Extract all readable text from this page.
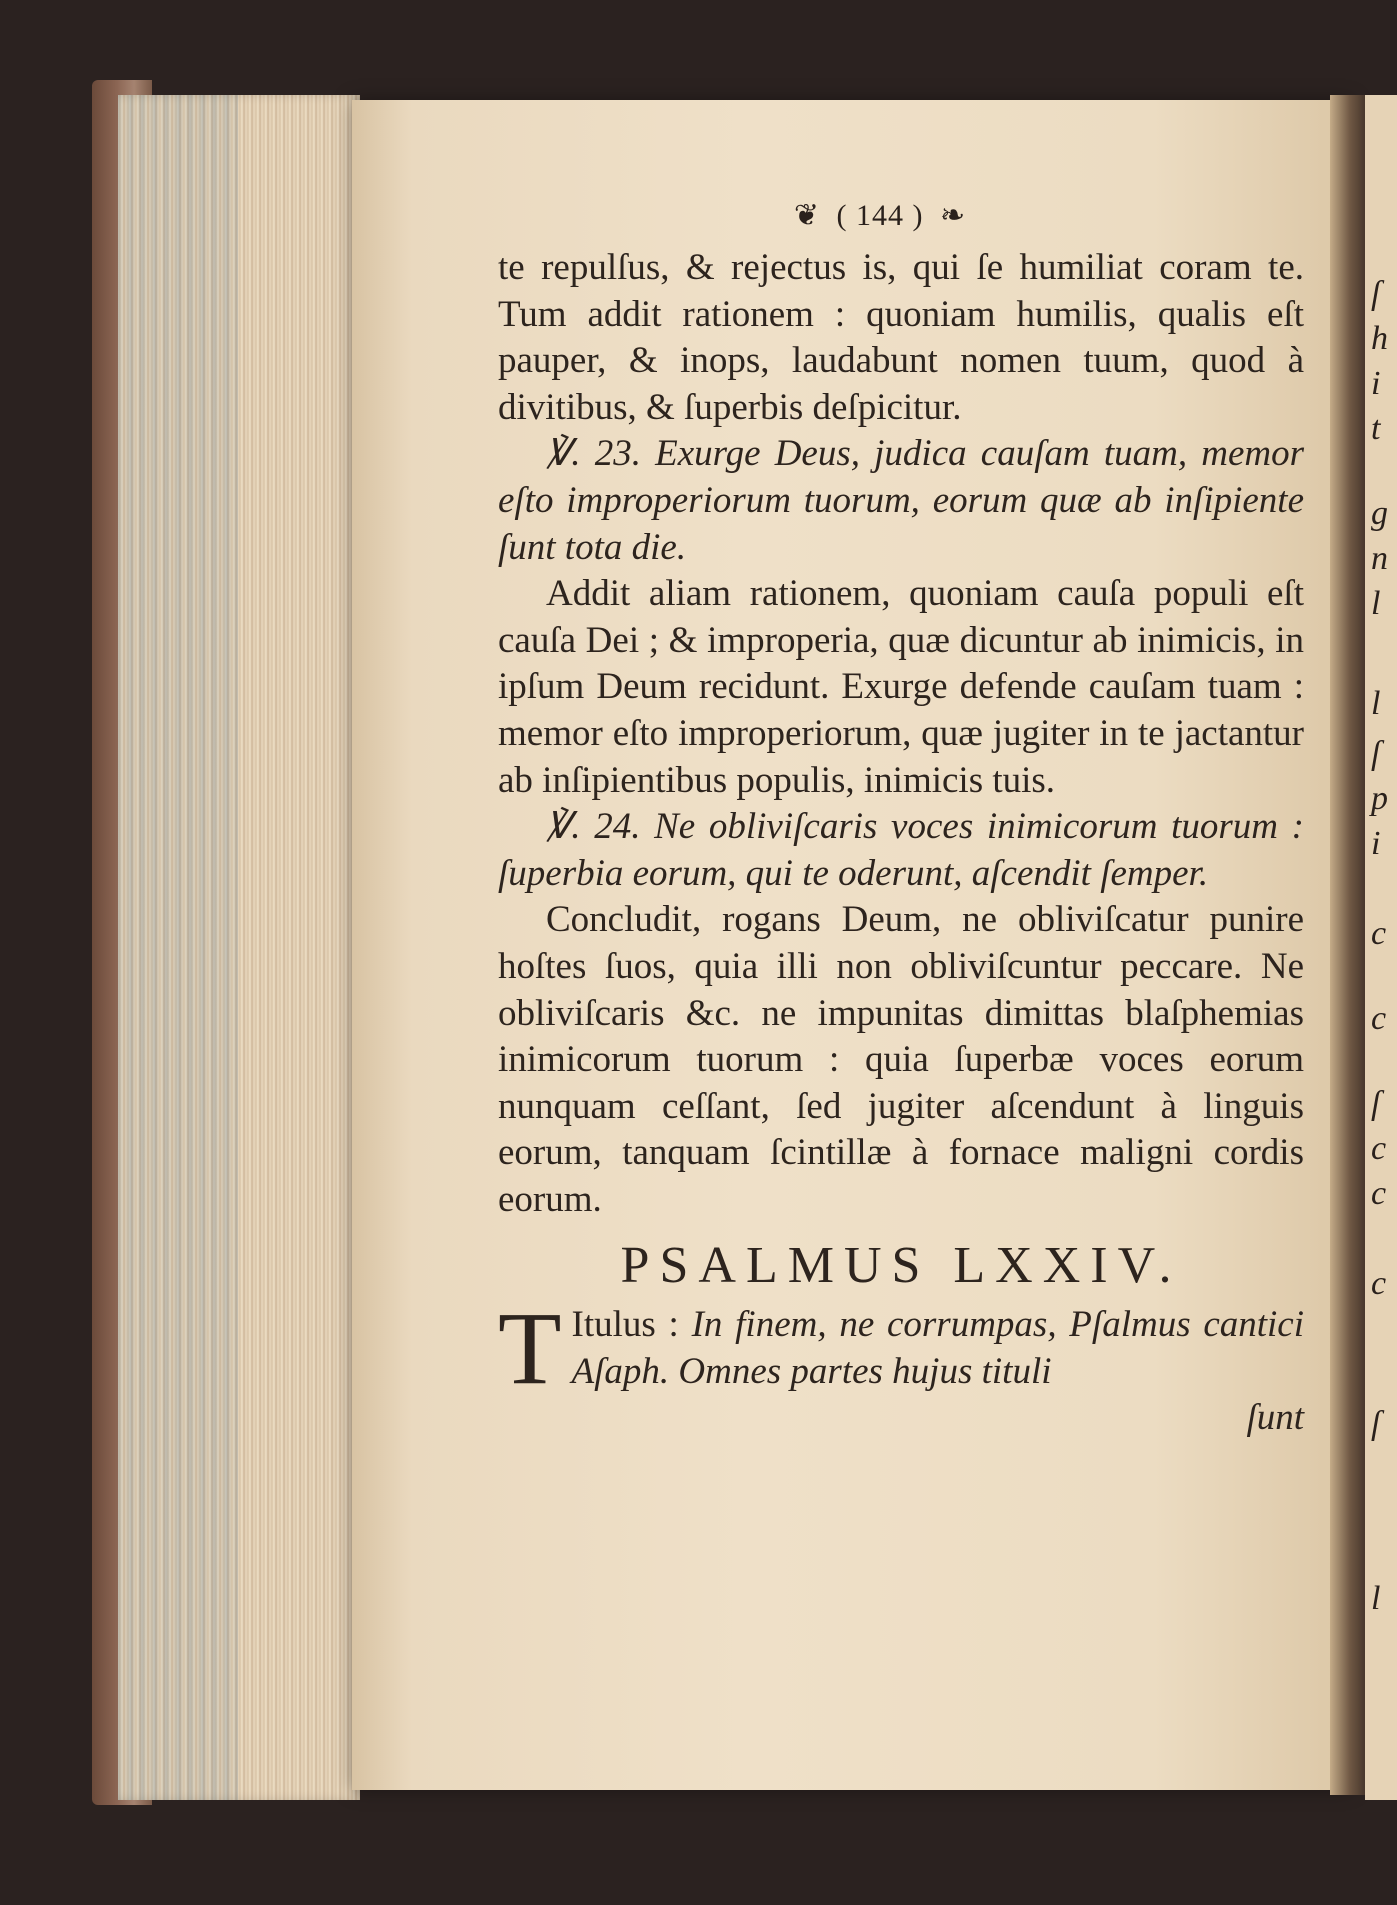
ſ
h
i
t
g
n
l
l
ſ
p
i
c
c
ſ
c
c
c
ſ
l
❦ ( 144 ) ❧

te repulſus, & rejectus is, qui ſe humiliat coram te. Tum addit rationem : quoniam humilis, qualis eſt pauper, & inops, laudabunt nomen tuum, quod à divitibus, & ſuperbis deſpicitur.

℣. 23. Exurge Deus, judica cauſam tuam, memor eſto improperiorum tuorum, eorum quæ ab inſipiente ſunt tota die.

Addit aliam rationem, quoniam cauſa populi eſt cauſa Dei ; & improperia, quæ dicuntur ab inimicis, in ipſum Deum recidunt. Exurge defende cauſam tuam : memor eſto improperiorum, quæ jugiter in te jactantur ab inſipientibus populis, inimicis tuis.

℣. 24. Ne obliviſcaris voces inimicorum tuorum : ſuperbia eorum, qui te oderunt, aſcendit ſemper.

Concludit, rogans Deum, ne obliviſcatur punire hoſtes ſuos, quia illi non obliviſcuntur peccare. Ne obliviſcaris &c. ne impunitas dimittas blaſphemias inimicorum tuorum : quia ſuperbæ voces eorum nunquam ceſſant, ſed jugiter aſcendunt à linguis eorum, tanquam ſcintillæ à fornace maligni cordis eorum.

PSALMUS LXXIV.

T Itulus : In finem, ne corrumpas, Pſalmus cantici Aſaph. Omnes partes hujus tituli

ſunt
